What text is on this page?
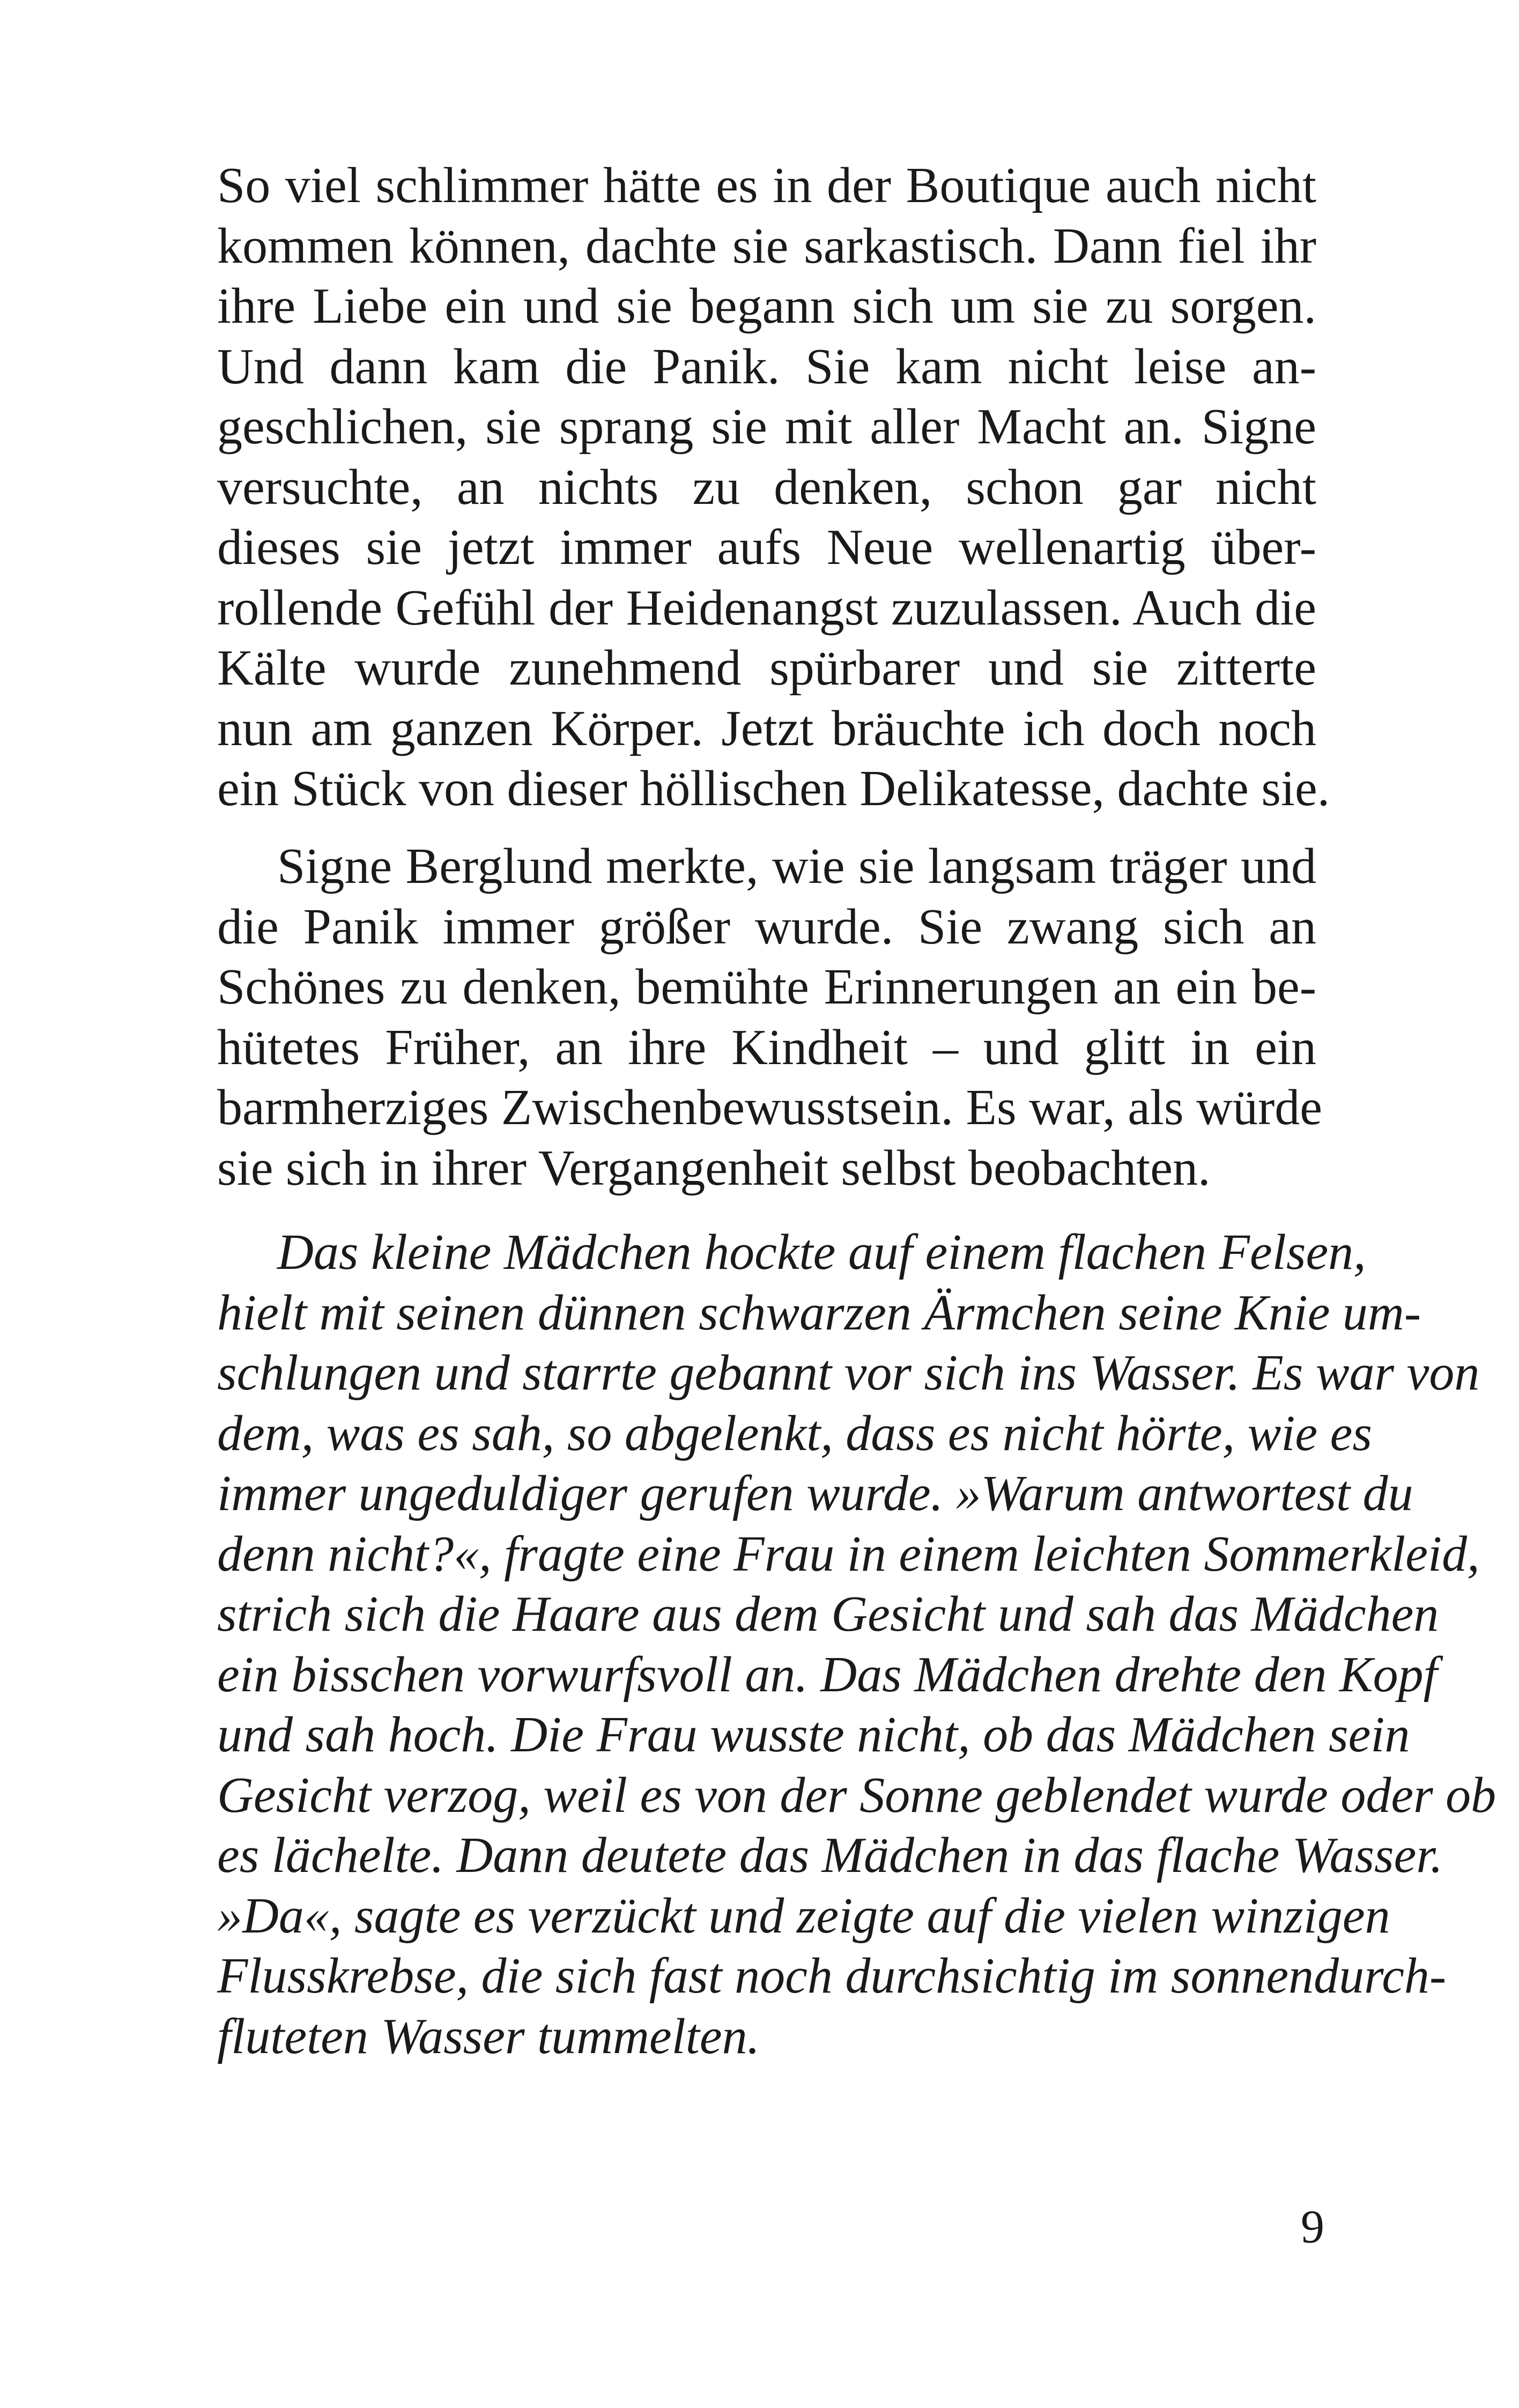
So viel schlimmer hätte es in der Boutique auch nicht
kommen können, dachte sie sarkastisch. Dann fiel ihr
ihre Liebe ein und sie begann sich um sie zu sorgen.
Und dann kam die Panik. Sie kam nicht leise an-
geschlichen, sie sprang sie mit aller Macht an. Signe
versuchte, an nichts zu denken, schon gar nicht
dieses sie jetzt immer aufs Neue wellenartig über-
rollende Gefühl der Heidenangst zuzulassen. Auch die
Kälte wurde zunehmend spürbarer und sie zitterte
nun am ganzen Körper. Jetzt bräuchte ich doch noch
ein Stück von dieser höllischen Delikatesse, dachte sie.
Signe Berglund merkte, wie sie langsam träger und
die Panik immer größer wurde. Sie zwang sich an
Schönes zu denken, bemühte Erinnerungen an ein be-
hütetes Früher, an ihre Kindheit – und glitt in ein
barmherziges Zwischenbewusstsein. Es war, als würde
sie sich in ihrer Vergangenheit selbst beobachten.
Das kleine Mädchen hockte auf einem flachen Felsen,
hielt mit seinen dünnen schwarzen Ärmchen seine Knie um-
schlungen und starrte gebannt vor sich ins Wasser. Es war von
dem, was es sah, so abgelenkt, dass es nicht hörte, wie es
immer ungeduldiger gerufen wurde. »Warum antwortest du
denn nicht?«, fragte eine Frau in einem leichten Sommerkleid,
strich sich die Haare aus dem Gesicht und sah das Mädchen
ein bisschen vorwurfsvoll an. Das Mädchen drehte den Kopf
und sah hoch. Die Frau wusste nicht, ob das Mädchen sein
Gesicht verzog, weil es von der Sonne geblendet wurde oder ob
es lächelte. Dann deutete das Mädchen in das flache Wasser.
»Da«, sagte es verzückt und zeigte auf die vielen winzigen
Flusskrebse, die sich fast noch durchsichtig im sonnendurch-
fluteten Wasser tummelten.
9
